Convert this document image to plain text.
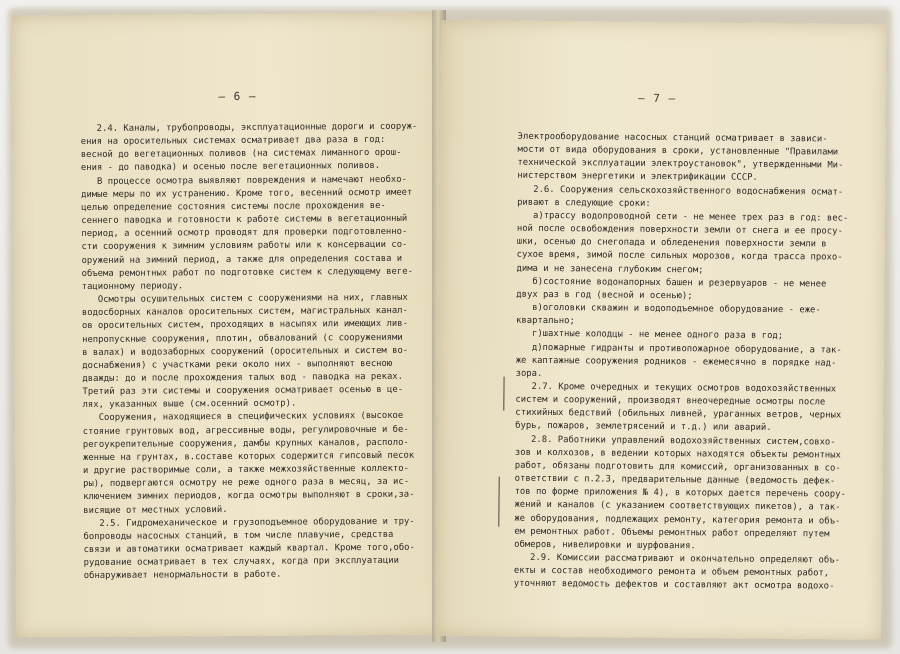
— 6 —

2.4. Каналы, трубопроводы, эксплуатационные дороги и сооруж-

ения на оросительных системах осматривает два раза в год:

весной до вегетационных поливов (на системах лиманного орош-

ения - до паводка) и осенью после вегетационных поливов.

В процессе осмотра выявляют повреждения и намечают необхо-

димые меры по их устранению. Кроме того, весенний осмотр имеет

целью определение состояния системы после прохождения ве-

сеннего паводка и готовности к работе системы в вегетационный

период, а осенний осмотр проводят для проверки подготовленно-

сти сооружения к зимним условиям работы или к консервации со-

оружений на зимний период, а также для определения состава и

объема ремонтных работ по подготовке систем к следующему веге-

тационному периоду.

Осмотры осушительных систем с сооружениями на них, главных

водосборных каналов оросительных систем, магистральных канал-

ов оросительных систем, проходящих в насыпях или имеющих лив-

непропускные сооружения, плотин, обвалований (с сооружениями

в валах) и водозаборных сооружений (оросительных и систем во-

доснабжения) с участками реки около них - выполняют весною

дважды: до и после прохождения талых вод - паводка на реках.

Третий раз эти системы и сооружения осматривает осенью в це-

лях, указанных выше (см.осенний осмотр).

Сооружения, находящиеся в специфических условиях (высокое

стояние грунтовых вод, агрессивные воды, регулировочные и бе-

регоукрепительные сооружения, дамбы крупных каналов, располо-

женные на грунтах, в.составе которых содержится гипсовый песок

и другие растворимые соли, а также межхозяйственные коллекто-

ры), подвергаются осмотру не реже одного раза в месяц, за ис-

ключением зимних периодов, когда осмотры выполняют в сроки,за-

висящие от местных условий.

2.5. Гидромеханическое и грузоподъемное оборудование и тру-

бопроводы насосных станций, в том числе плавучие, средства

связи и автоматики осматривает каждый квартал. Кроме того,обо-

рудование осматривает в тех случаях, когда при эксплуатации

обнаруживает ненормальности в работе.

— 7 —

Электрооборудование насосных станций осматривает в зависи-

мости от вида оборудования в сроки, установленные "Правилами

технической эксплуатации электроустановок", утвержденными Ми-

нистерством энергетики и электрификации СССР.

2.6. Сооружения сельскохозяйственного водоснабжения осмат-

ривают в следующие сроки:

а)трассу водопроводной сети - не менее трех раз в год: вес-

ной после освобождения поверхности земли от снега и ее просу-

шки, осенью до снегопада и обледенения поверхности земли в

сухое время, зимой после сильных морозов, когда трасса прохо-

дима и не занесена глубоким снегом;

б)состояние водонапорных башен и резервуаров - не менее

двух раз в год (весной и осенью);

в)оголовки скважин и водоподъемное оборудование - еже-

квартально;

г)шахтные колодцы - не менее одного раза в год;

д)пожарные гидранты и противопожарное оборудование, а так-

же каптажные сооружения родников - ежемесячно в порядке над-

зора.

2.7. Кроме очередных и текущих осмотров водохозяйственных

систем и сооружений, производят внеочередные осмотры после

стихийных бедствий (обильных ливней, ураганных ветров, черных

бурь, пожаров, землетрясений и т.д.) или аварий.

2.8. Работники управлений водохозяйственных систем,совхо-

зов и колхозов, в ведении которых находятся объекты ремонтных

работ, обязаны подготовить для комиссий, организованных в со-

ответствии с п.2.3, предварительные данные (ведомость дефек-

тов по форме приложения № 4), в которых дается перечень соору-

жений и каналов (с указанием соответствующих пикетов), а так-

же оборудования, подлежащих ремонту, категория ремонта и объ-

ем ремонтных работ. Объемы ремонтных работ определяют путем

обмеров, нивелировки и шурфования.

2.9. Комиссии рассматривают и окончательно определяют объ-

екты и состав необходимого ремонта и объем ремонтных работ,

уточняют ведомость дефектов и составляют акт осмотра водохо-
